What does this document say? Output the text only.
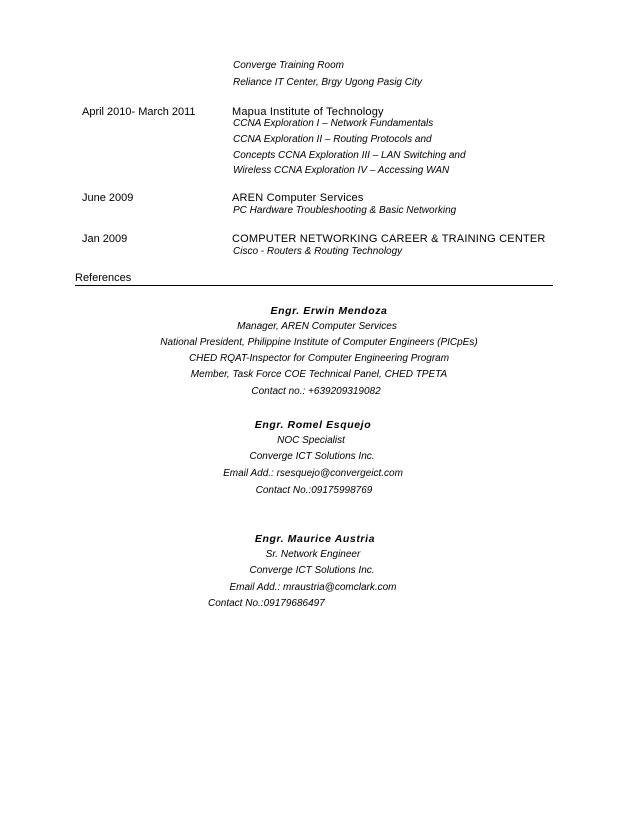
Converge Training Room
Reliance IT Center, Brgy Ugong Pasig City
April 2010- March 2011	Mapua Institute of Technology
CCNA Exploration I – Network Fundamentals
CCNA Exploration II – Routing Protocols and
Concepts CCNA Exploration III – LAN Switching and
Wireless CCNA Exploration IV – Accessing WAN
June 2009	AREN Computer Services
PC Hardware Troubleshooting & Basic Networking
Jan 2009	COMPUTER NETWORKING CAREER & TRAINING CENTER
Cisco - Routers & Routing Technology
References
Engr. Erwin Mendoza
Manager, AREN Computer Services
National President, Philippine Institute of Computer Engineers (PICpEs)
CHED RQAT-Inspector for Computer Engineering Program
Member, Task Force COE Technical Panel, CHED TPETA
Contact no.: +639209319082
Engr. Romel Esquejo
NOC Specialist
Converge ICT Solutions Inc.
Email Add.: rsesquejo@convergeict.com
Contact No.:09175998769
Engr. Maurice Austria
Sr. Network Engineer
Converge ICT Solutions Inc.
Email Add.: mraustria@comclark.com
Contact No.:09179686497
